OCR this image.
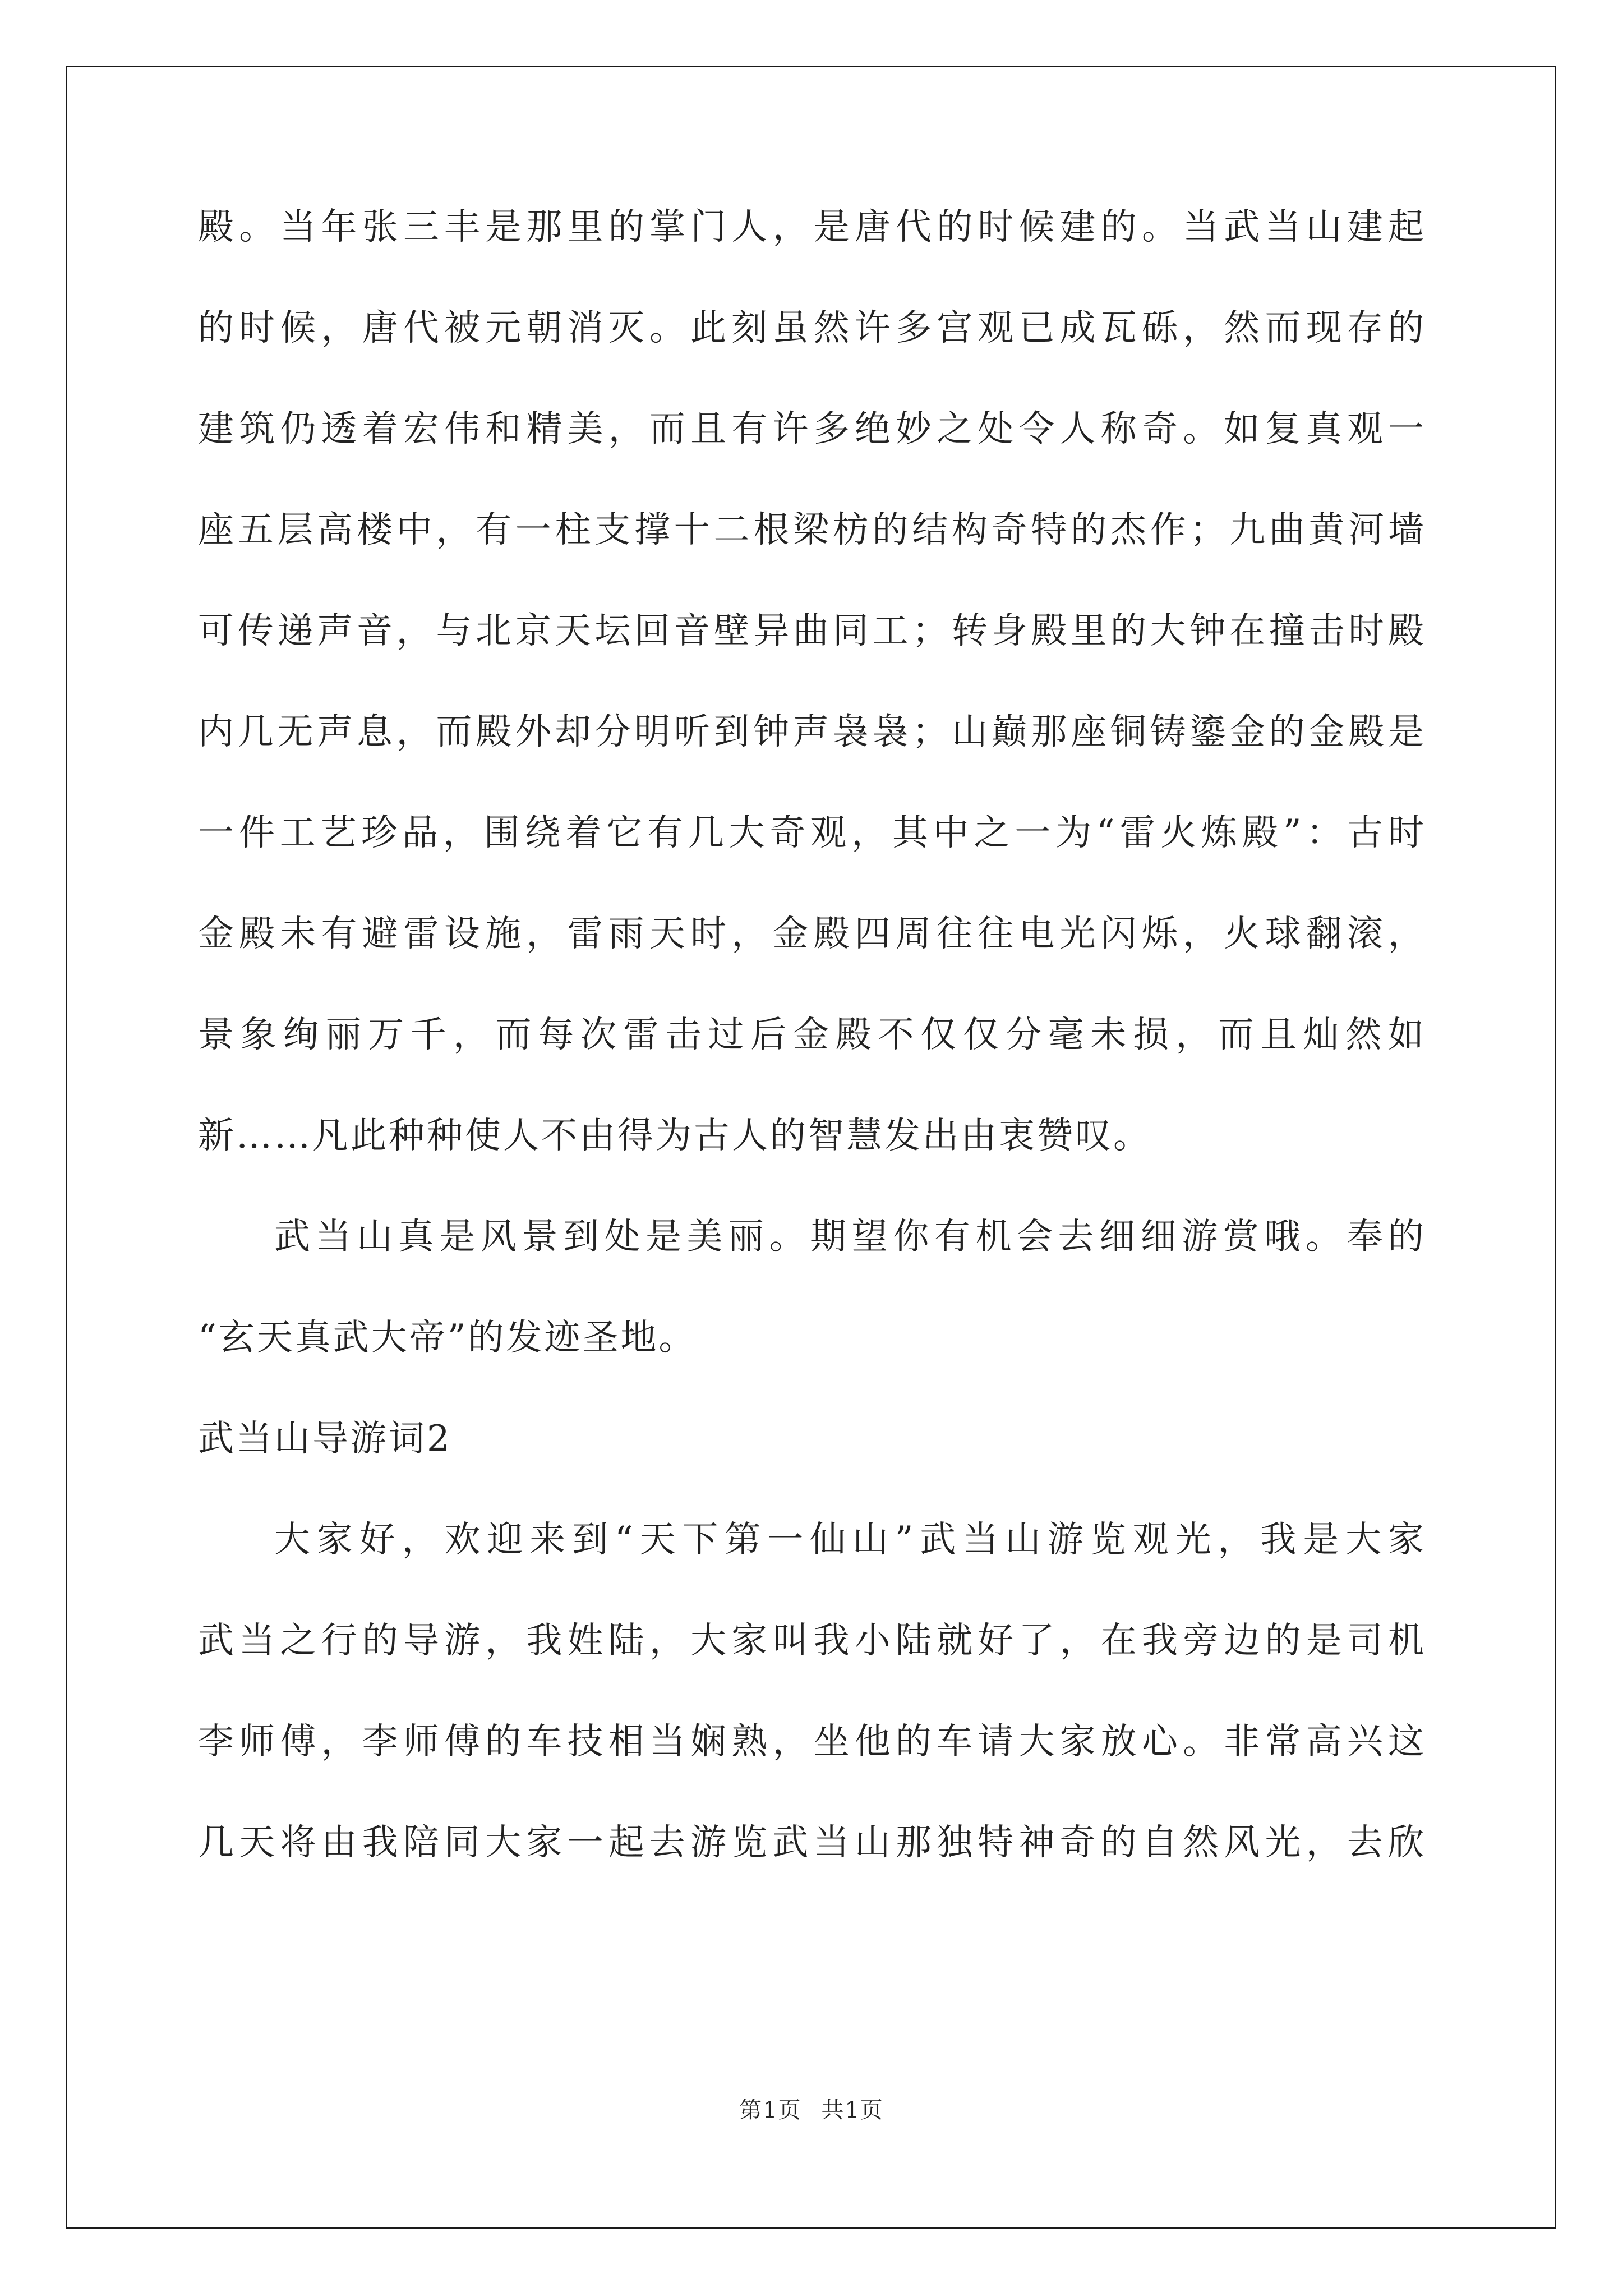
殿。当年张三丰是那里的掌门人，是唐代的时候建的。当武当山建起
的时候，唐代被元朝消灭。此刻虽然许多宫观已成瓦砾，然而现存的
建筑仍透着宏伟和精美，而且有许多绝妙之处令人称奇。如复真观一
座五层高楼中，有一柱支撑十二根梁枋的结构奇特的杰作；九曲黄河墙
可传递声音，与北京天坛回音壁异曲同工；转身殿里的大钟在撞击时殿
内几无声息，而殿外却分明听到钟声袅袅；山巅那座铜铸鎏金的金殿是
一件工艺珍品，围绕着它有几大奇观，其中之一为“雷火炼殿”：古时
金殿未有避雷设施，雷雨天时，金殿四周往往电光闪烁，火球翻滚，
景象绚丽万千，而每次雷击过后金殿不仅仅分毫未损，而且灿然如
新……凡此种种使人不由得为古人的智慧发出由衷赞叹。
武当山真是风景到处是美丽。期望你有机会去细细游赏哦。奉的
“玄天真武大帝”的发迹圣地。
武当山导游词2
大家好，欢迎来到“天下第一仙山”武当山游览观光，我是大家
武当之行的导游，我姓陆，大家叫我小陆就好了，在我旁边的是司机
李师傅，李师傅的车技相当娴熟，坐他的车请大家放心。非常高兴这
几天将由我陪同大家一起去游览武当山那独特神奇的自然风光，去欣
第1页 共1页
